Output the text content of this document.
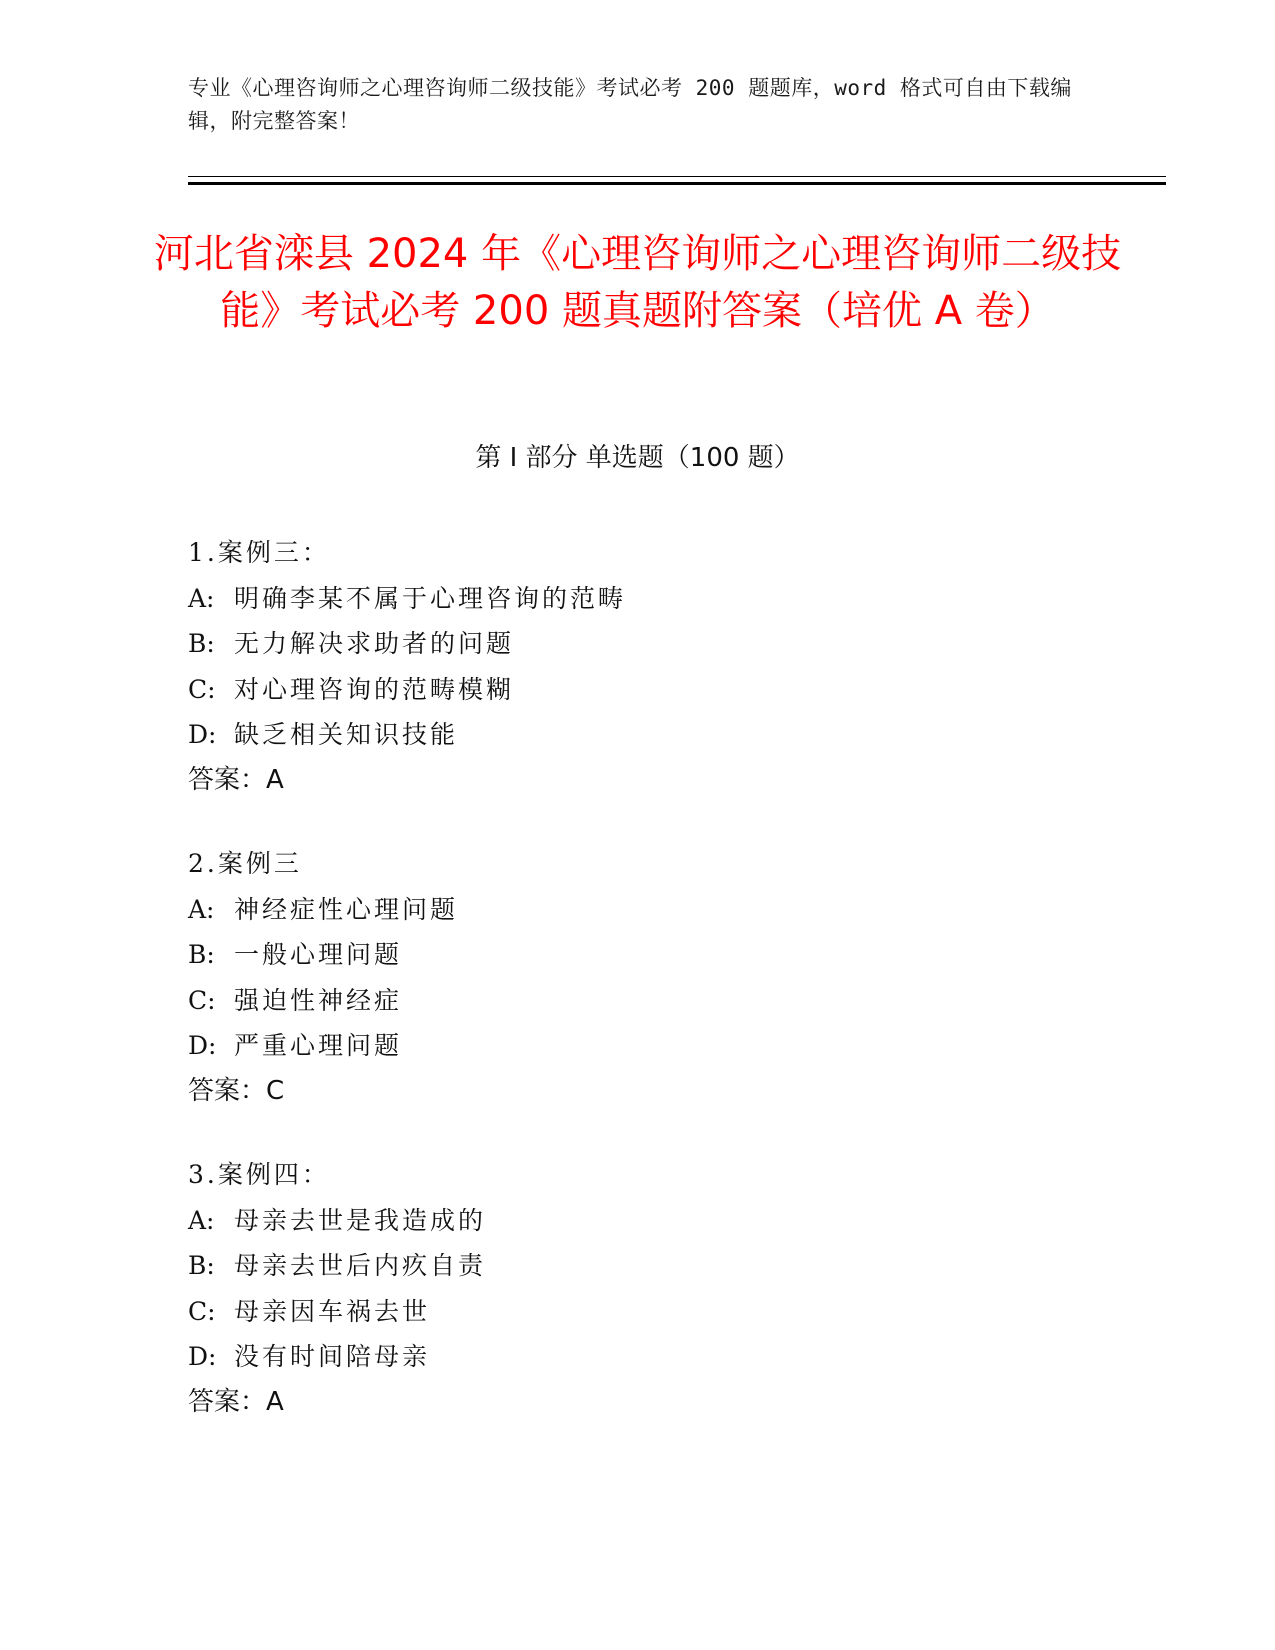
专业《心理咨询师之心理咨询师二级技能》考试必考 200 题题库，word 格式可自由下载编辑，附完整答案！
河北省滦县 2024 年《心理咨询师之心理咨询师二级技能》考试必考 200 题真题附答案（培优 A 卷）
第 I 部分 单选题（100 题）
1.案例三：
A: 明确李某不属于心理咨询的范畴
B: 无力解决求助者的问题
C: 对心理咨询的范畴模糊
D: 缺乏相关知识技能
答案：A
2.案例三
A: 神经症性心理问题
B: 一般心理问题
C: 强迫性神经症
D: 严重心理问题
答案：C
3.案例四：
A: 母亲去世是我造成的
B: 母亲去世后内疚自责
C: 母亲因车祸去世
D: 没有时间陪母亲
答案：A
